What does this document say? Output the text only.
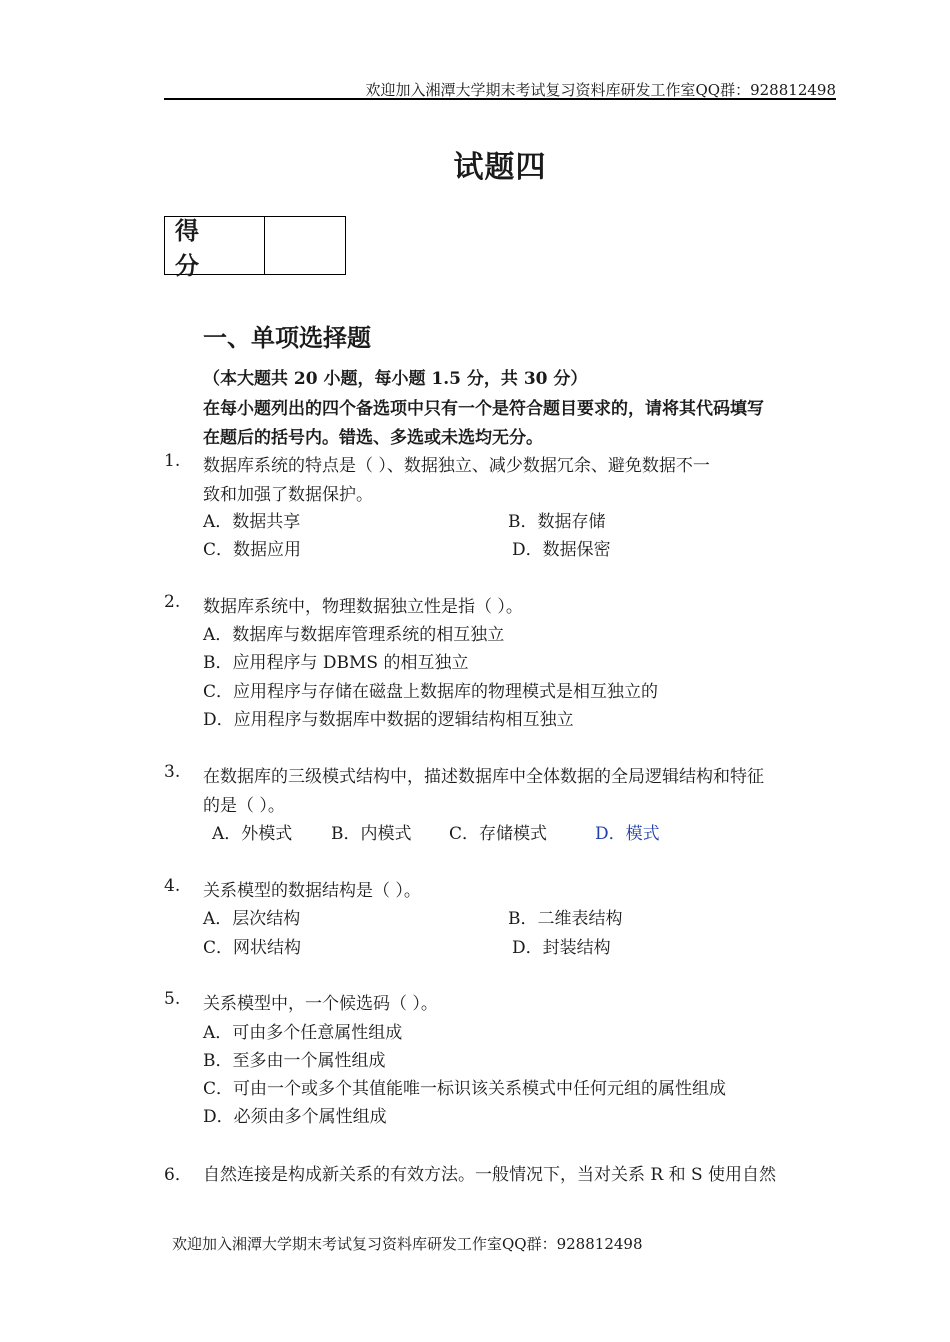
欢迎加入湘潭大学期末考试复习资料库研发工作室QQ群：928812498
试题四
得 分
一、单项选择题
（本大题共 20 小题，每小题 1.5 分，共 30 分）
在每小题列出的四个备选项中只有一个是符合题目要求的，请将其代码填写
在题后的括号内。错选、多选或未选均无分。
1. 数据库系统的特点是（ ）、数据独立、减少数据冗余、避免数据不一
致和加强了数据保护。
A．数据共享	B．数据存储
C．数据应用	D．数据保密
2. 数据库系统中，物理数据独立性是指（ ）。
A．数据库与数据库管理系统的相互独立
B．应用程序与 DBMS 的相互独立
C．应用程序与存储在磁盘上数据库的物理模式是相互独立的
D．应用程序与数据库中数据的逻辑结构相互独立
3. 在数据库的三级模式结构中，描述数据库中全体数据的全局逻辑结构和特征
的是（ ）。
A．外模式 B．内模式 C．存储模式	D．模式
4. 关系模型的数据结构是（ ）。
A．层次结构	B．二维表结构
C．网状结构	D．封装结构
5. 关系模型中，一个候选码（ ）。
A．可由多个任意属性组成
B．至多由一个属性组成
C．可由一个或多个其值能唯一标识该关系模式中任何元组的属性组成
D．必须由多个属性组成
6． 自然连接是构成新关系的有效方法。一般情况下，当对关系 R 和 S 使用自然
欢迎加入湘潭大学期末考试复习资料库研发工作室QQ群：928812498
